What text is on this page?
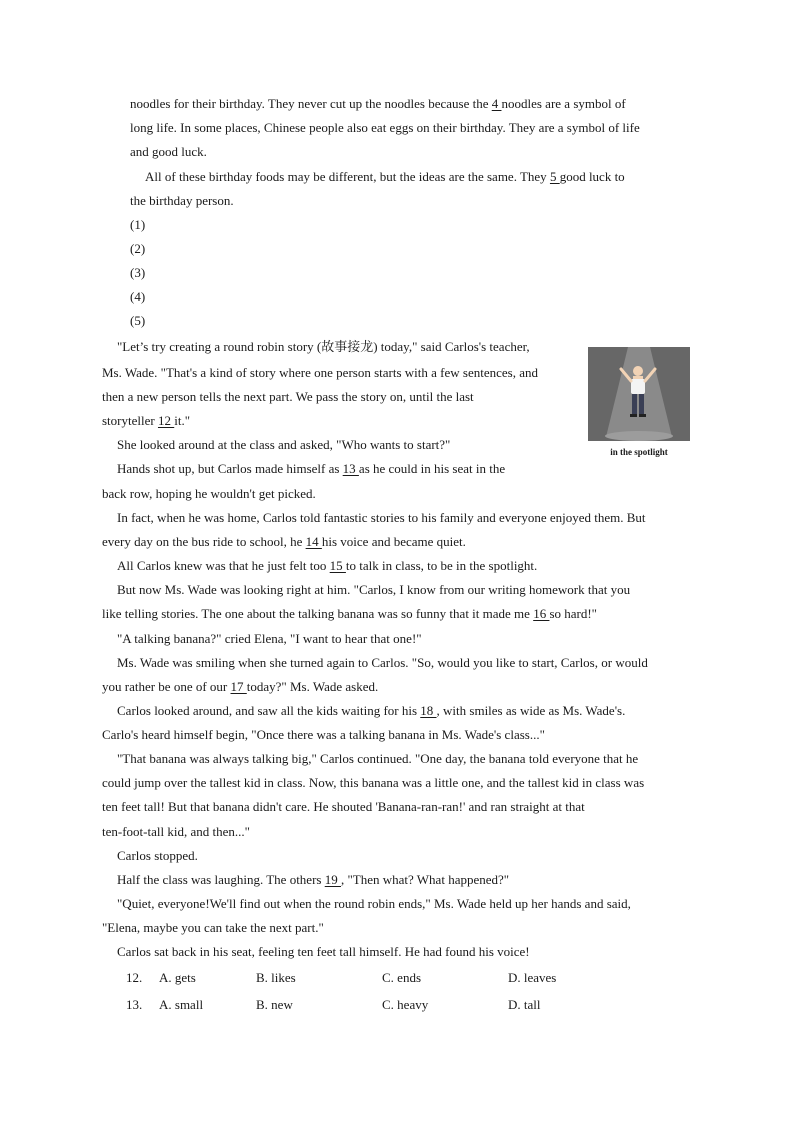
noodles for their birthday. They never cut up the noodles because the 4 noodles are a symbol of
long life. In some places, Chinese people also eat eggs on their birthday. They are a symbol of life
and good luck.
All of these birthday foods may be different, but the ideas are the same. They 5 good luck to
the birthday person.
(1)
(2)
(3)
(4)
(5)
"Let’s try creating a round robin story (故事接龙) today," said Carlos's teacher,
Ms. Wade. "That's a kind of story where one person starts with a few sentences, and
then a new person tells the next part. We pass the story on, until the last
storyteller 12 it."
in the spotlight
She looked around at the class and asked, "Who wants to start?"
Hands shot up, but Carlos made himself as 13 as he could in his seat in the
back row, hoping he wouldn't get picked.
In fact, when he was home, Carlos told fantastic stories to his family and everyone enjoyed them. But
every day on the bus ride to school, he 14 his voice and became quiet.
All Carlos knew was that he just felt too 15 to talk in class, to be in the spotlight.
But now Ms. Wade was looking right at him. "Carlos, I know from our writing homework that you
like telling stories. The one about the talking banana was so funny that it made me 16 so hard!"
"A talking banana?" cried Elena, "I want to hear that one!"
Ms. Wade was smiling when she turned again to Carlos. "So, would you like to start, Carlos, or would
you rather be one of our 17 today?" Ms. Wade asked.
Carlos looked around, and saw all the kids waiting for his 18 , with smiles as wide as Ms. Wade's.
Carlo's heard himself begin, "Once there was a talking banana in Ms. Wade's class..."
"That banana was always talking big," Carlos continued. "One day, the banana told everyone that he
could jump over the tallest kid in class. Now, this banana was a little one, and the tallest kid in class was
ten feet tall! But that banana didn't care. He shouted 'Banana-ran-ran!' and ran straight at that
ten-foot-tall kid, and then..."
Carlos stopped.
Half the class was laughing. The others 19 , "Then what? What happened?"
"Quiet, everyone!We'll find out when the round robin ends," Ms. Wade held up her hands and said,
"Elena, maybe you can take the next part."
Carlos sat back in his seat, feeling ten feet tall himself. He had found his voice!
12. A. gets	B. likes	C. ends	D. leaves
13. A. small	B. new	C. heavy	D. tall
